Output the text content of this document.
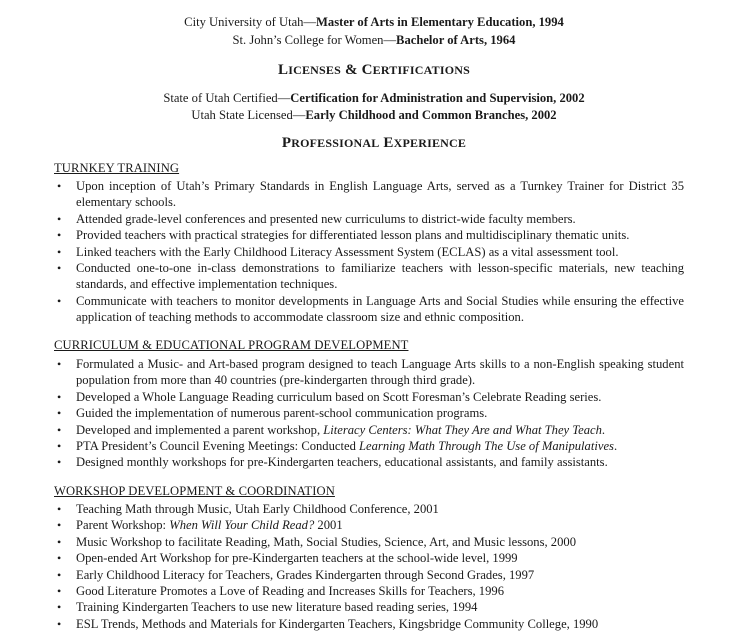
City University of Utah—Master of Arts in Elementary Education, 1994
St. John’s College for Women—Bachelor of Arts, 1964
LICENSES & CERTIFICATIONS
State of Utah Certified—Certification for Administration and Supervision, 2002
Utah State Licensed—Early Childhood and Common Branches, 2002
PROFESSIONAL EXPERIENCE
TURNKEY TRAINING
• Upon inception of Utah’s Primary Standards in English Language Arts, served as a Turnkey Trainer for District 35 elementary schools.
• Attended grade-level conferences and presented new curriculums to district-wide faculty members.
• Provided teachers with practical strategies for differentiated lesson plans and multidisciplinary thematic units.
• Linked teachers with the Early Childhood Literacy Assessment System (ECLAS) as a vital assessment tool.
• Conducted one-to-one in-class demonstrations to familiarize teachers with lesson-specific materials, new teaching standards, and effective implementation techniques.
• Communicate with teachers to monitor developments in Language Arts and Social Studies while ensuring the effective application of teaching methods to accommodate classroom size and ethnic composition.
CURRICULUM & EDUCATIONAL PROGRAM DEVELOPMENT
• Formulated a Music- and Art-based program designed to teach Language Arts skills to a non-English speaking student population from more than 40 countries (pre-kindergarten through third grade).
• Developed a Whole Language Reading curriculum based on Scott Foresman’s Celebrate Reading series.
• Guided the implementation of numerous parent-school communication programs.
• Developed and implemented a parent workshop, Literacy Centers: What They Are and What They Teach.
• PTA President’s Council Evening Meetings: Conducted Learning Math Through The Use of Manipulatives.
• Designed monthly workshops for pre-Kindergarten teachers, educational assistants, and family assistants.
WORKSHOP DEVELOPMENT & COORDINATION
• Teaching Math through Music, Utah Early Childhood Conference, 2001
• Parent Workshop: When Will Your Child Read? 2001
• Music Workshop to facilitate Reading, Math, Social Studies, Science, Art, and Music lessons, 2000
• Open-ended Art Workshop for pre-Kindergarten teachers at the school-wide level, 1999
• Early Childhood Literacy for Teachers, Grades Kindergarten through Second Grades, 1997
• Good Literature Promotes a Love of Reading and Increases Skills for Teachers, 1996
• Training Kindergarten Teachers to use new literature based reading series, 1994
• ESL Trends, Methods and Materials for Kindergarten Teachers, Kingsbridge Community College, 1990
